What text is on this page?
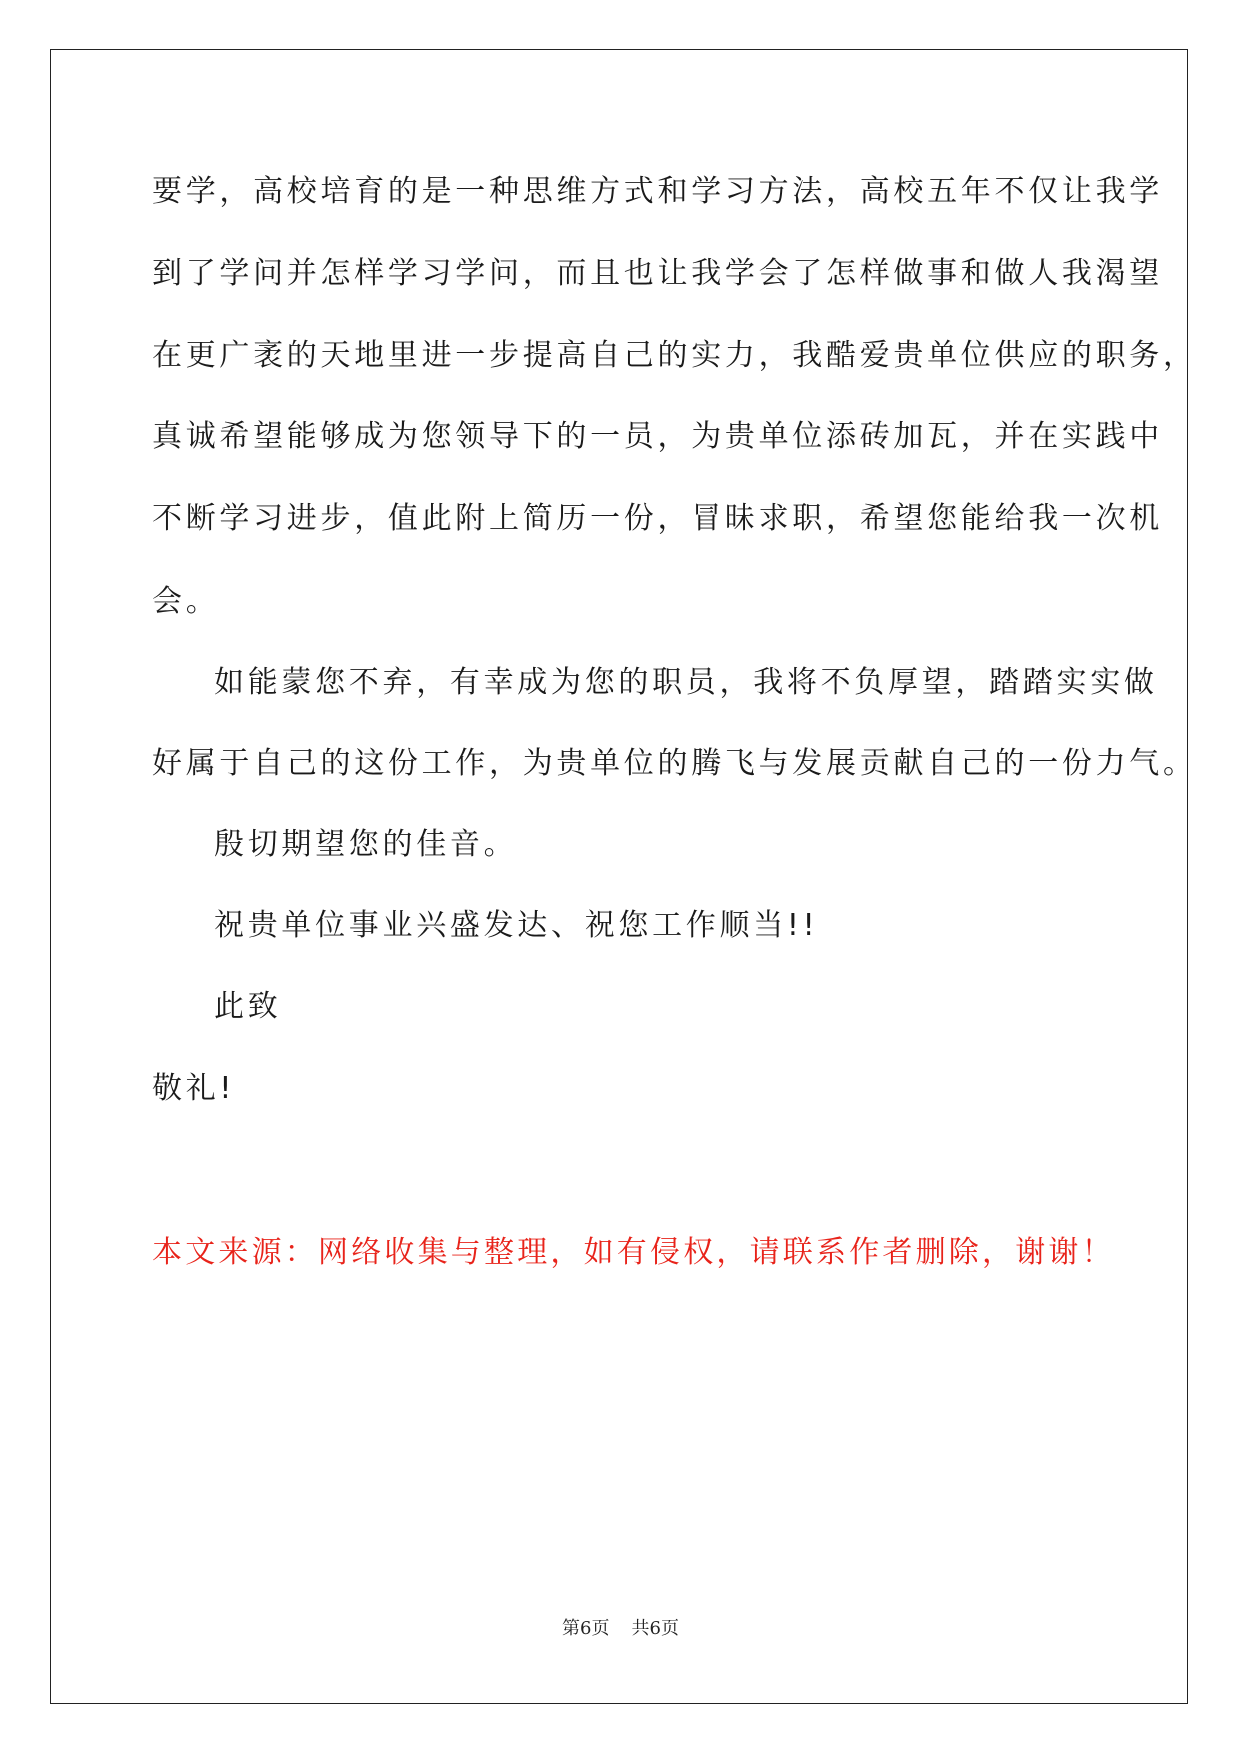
要学，高校培育的是一种思维方式和学习方法，高校五年不仅让我学
到了学问并怎样学习学问，而且也让我学会了怎样做事和做人我渴望
在更广袤的天地里进一步提高自己的实力，我酷爱贵单位供应的职务，
真诚希望能够成为您领导下的一员，为贵单位添砖加瓦，并在实践中
不断学习进步，值此附上简历一份，冒昧求职，希望您能给我一次机
会。
如能蒙您不弃，有幸成为您的职员，我将不负厚望，踏踏实实做
好属于自己的这份工作，为贵单位的腾飞与发展贡献自己的一份力气。
殷切期望您的佳音。
祝贵单位事业兴盛发达、祝您工作顺当!!
此致
敬礼!
本文来源：网络收集与整理，如有侵权，请联系作者删除，谢谢！
第6页 共6页
